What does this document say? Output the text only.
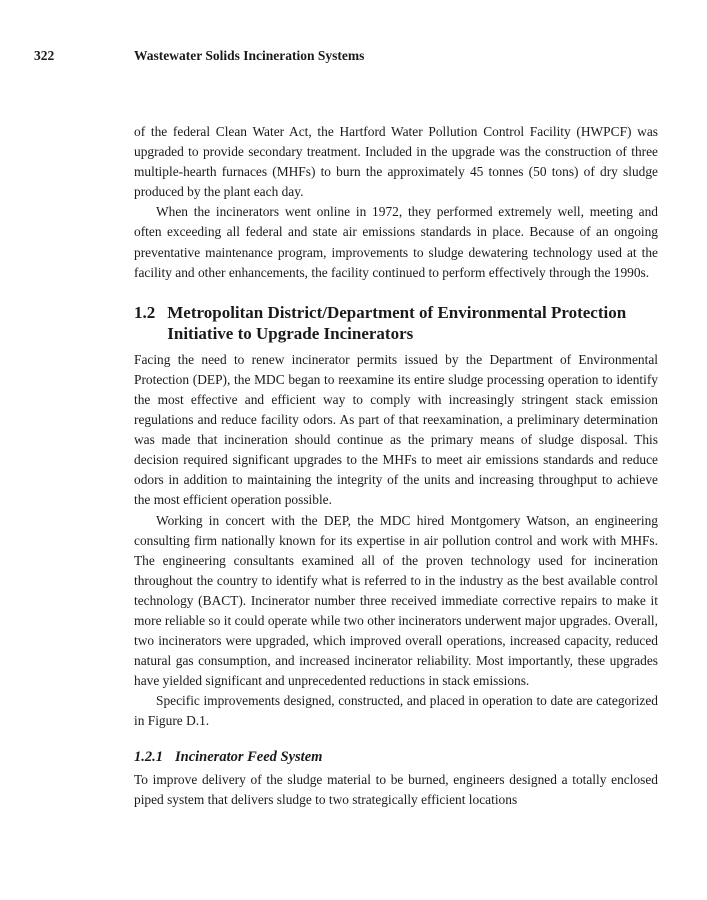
322	Wastewater Solids Incineration Systems

of the federal Clean Water Act, the Hartford Water Pollution Control Facility (HWPCF) was upgraded to provide secondary treatment. Included in the upgrade was the construction of three multiple-hearth furnaces (MHFs) to burn the approximately 45 tonnes (50 tons) of dry sludge produced by the plant each day.

When the incinerators went online in 1972, they performed extremely well, meeting and often exceeding all federal and state air emissions standards in place. Because of an ongoing preventative maintenance program, improvements to sludge dewatering technology used at the facility and other enhancements, the facility continued to perform effectively through the 1990s.

1.2 Metropolitan District/Department of Environmental Protection Initiative to Upgrade Incinerators

Facing the need to renew incinerator permits issued by the Department of Environmental Protection (DEP), the MDC began to reexamine its entire sludge processing operation to identify the most effective and efficient way to comply with increasingly stringent stack emission regulations and reduce facility odors. As part of that reexamination, a preliminary determination was made that incineration should continue as the primary means of sludge disposal. This decision required significant upgrades to the MHFs to meet air emissions standards and reduce odors in addition to maintaining the integrity of the units and increasing throughput to achieve the most efficient operation possible.

Working in concert with the DEP, the MDC hired Montgomery Watson, an engineering consulting firm nationally known for its expertise in air pollution control and work with MHFs. The engineering consultants examined all of the proven technology used for incineration throughout the country to identify what is referred to in the industry as the best available control technology (BACT). Incinerator number three received immediate corrective repairs to make it more reliable so it could operate while two other incinerators underwent major upgrades. Overall, two incinerators were upgraded, which improved overall operations, increased capacity, reduced natural gas consumption, and increased incinerator reliability. Most importantly, these upgrades have yielded significant and unprecedented reductions in stack emissions.

Specific improvements designed, constructed, and placed in operation to date are categorized in Figure D.1.

1.2.1 Incinerator Feed System

To improve delivery of the sludge material to be burned, engineers designed a totally enclosed piped system that delivers sludge to two strategically efficient locations
